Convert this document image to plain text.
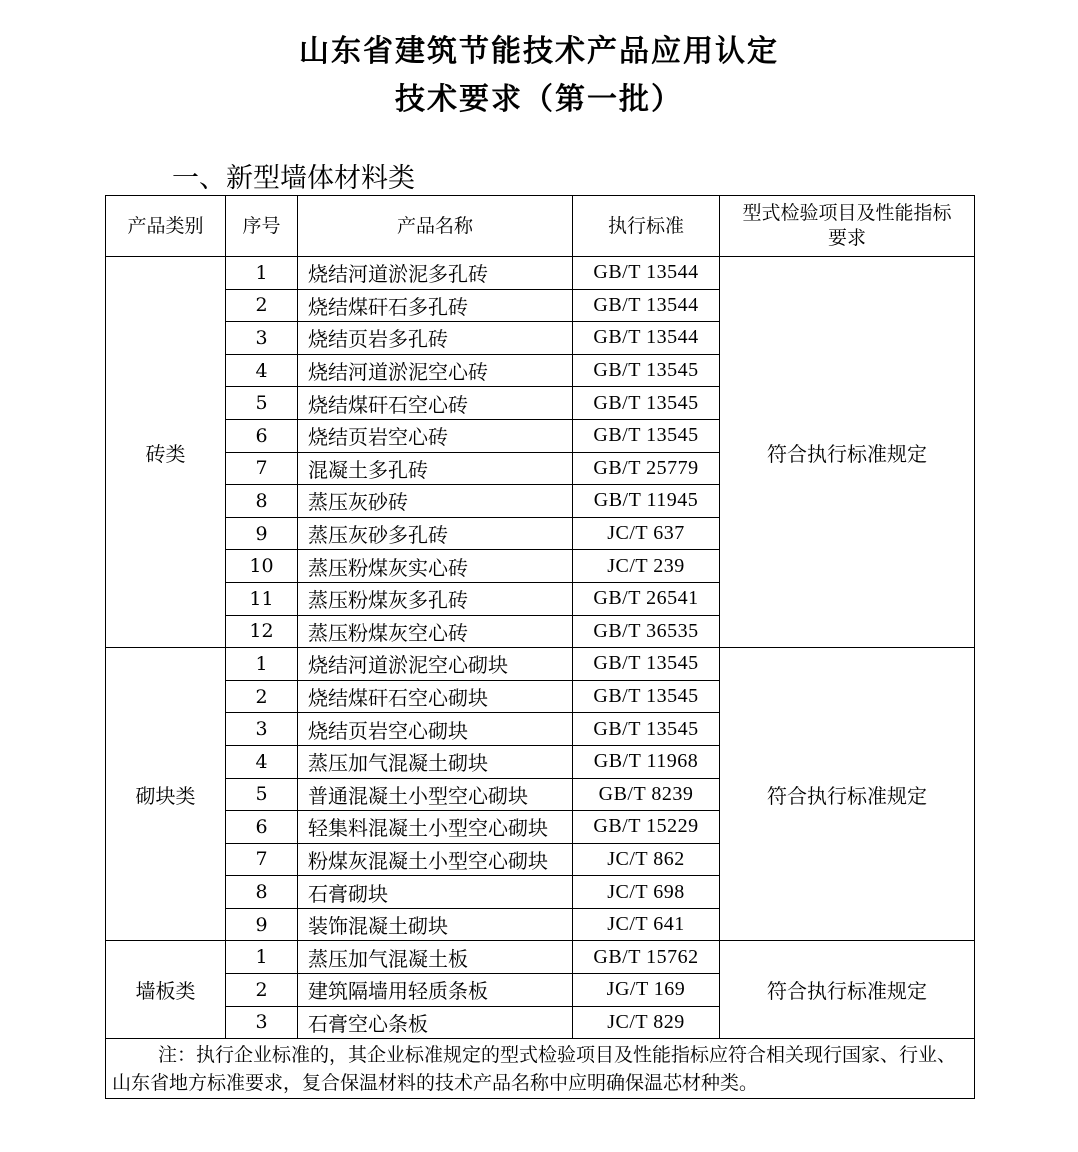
山东省建筑节能技术产品应用认定
技术要求（第一批）
一、新型墙体材料类
产品类别	序号	产品名称	执行标准	型式检验项目及性能指标要求
砖类	1	烧结河道淤泥多孔砖	GB/T 13544	符合执行标准规定
	2	烧结煤矸石多孔砖	GB/T 13544	
	3	烧结页岩多孔砖	GB/T 13544	
	4	烧结河道淤泥空心砖	GB/T 13545	
	5	烧结煤矸石空心砖	GB/T 13545	
	6	烧结页岩空心砖	GB/T 13545	
	7	混凝土多孔砖	GB/T 25779	
	8	蒸压灰砂砖	GB/T 11945	
	9	蒸压灰砂多孔砖	JC/T 637	
	10	蒸压粉煤灰实心砖	JC/T 239	
	11	蒸压粉煤灰多孔砖	GB/T 26541	
	12	蒸压粉煤灰空心砖	GB/T 36535	
砌块类	1	烧结河道淤泥空心砌块	GB/T 13545	符合执行标准规定
	2	烧结煤矸石空心砌块	GB/T 13545	
	3	烧结页岩空心砌块	GB/T 13545	
	4	蒸压加气混凝土砌块	GB/T 11968	
	5	普通混凝土小型空心砌块	GB/T 8239	
	6	轻集料混凝土小型空心砌块	GB/T 15229	
	7	粉煤灰混凝土小型空心砌块	JC/T 862	
	8	石膏砌块	JC/T 698	
	9	装饰混凝土砌块	JC/T 641	
墙板类	1	蒸压加气混凝土板	GB/T 15762	符合执行标准规定
	2	建筑隔墙用轻质条板	JG/T 169	
	3	石膏空心条板	JC/T 829	
注：执行企业标准的，其企业标准规定的型式检验项目及性能指标应符合相关现行国家、行业、山东省地方标准要求，复合保温材料的技术产品名称中应明确保温芯材种类。				
